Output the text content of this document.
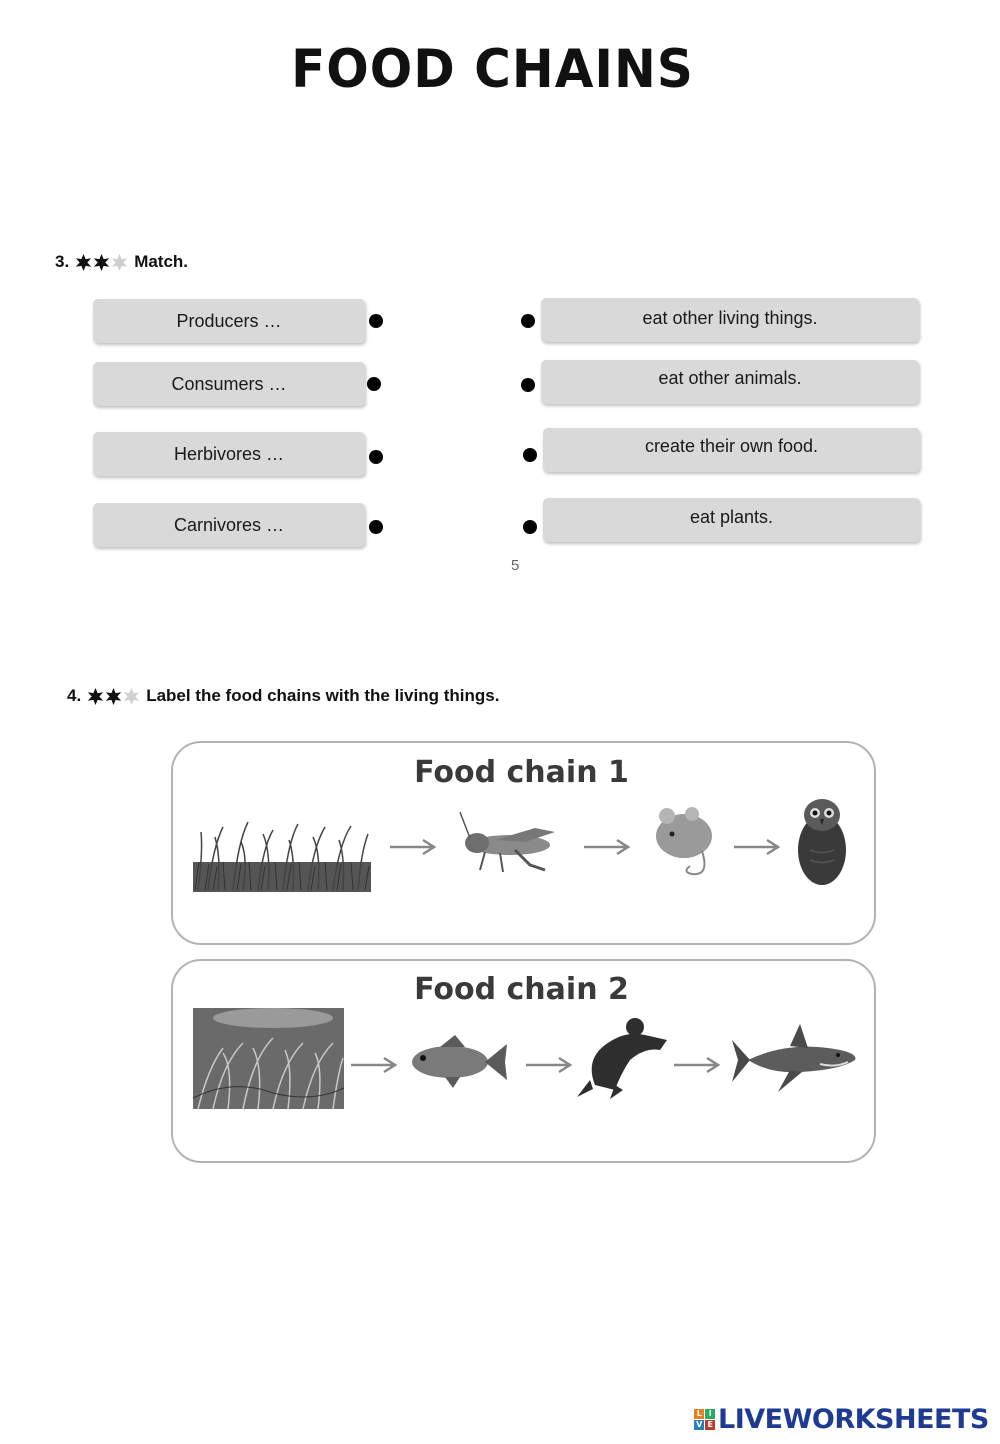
FOOD CHAINS
3.	Match.
Producers …
Consumers …
Herbivores …
Carnivores …
eat other living things.
eat other animals.
create their own food.
eat plants.
5
4.	Label the food chains with the living things.
Food chain 1
Food chain 2
L I
V E LIVEWORKSHEETS
